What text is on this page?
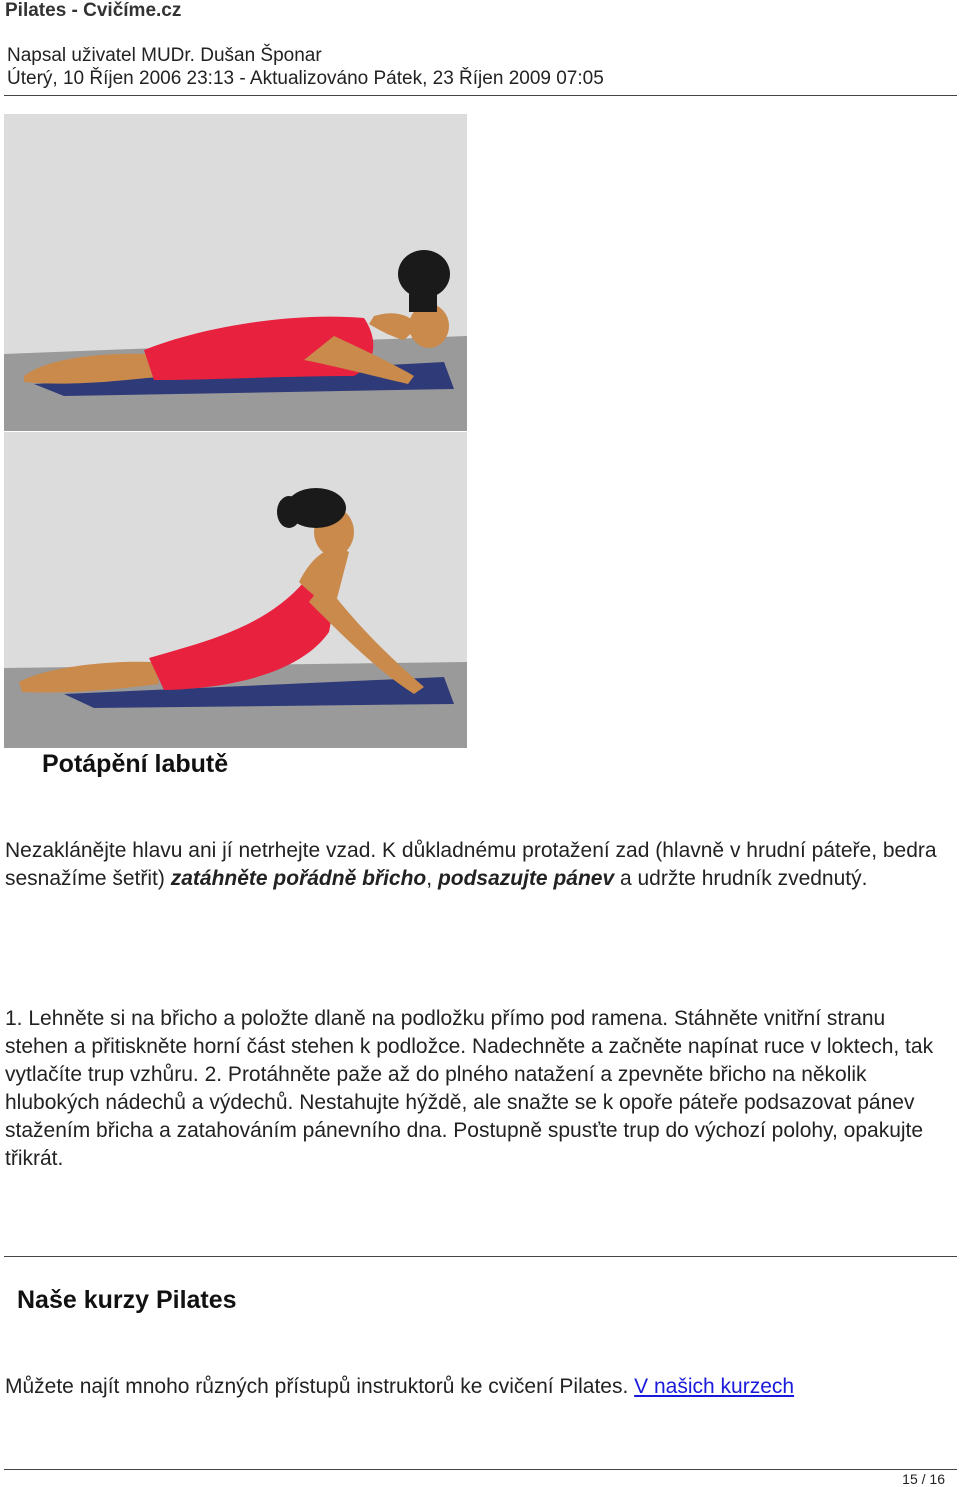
Pilates - Cvičíme.cz
Napsal uživatel MUDr. Dušan Šponar
Úterý, 10 Říjen 2006 23:13 - Aktualizováno Pátek, 23 Říjen 2009 07:05
Potápění labutě
Nezaklánějte hlavu ani jí netrhejte vzad. K důkladnému protažení zad (hlavně v hrudní páteře, bedra sesnažíme šetřit) zatáhněte pořádně břicho, podsazujte pánev a udržte hrudník zvednutý.
1. Lehněte si na břicho a položte dlaně na podložku přímo pod ramena. Stáhněte vnitřní stranu stehen a přitiskněte horní část stehen k podložce. Nadechněte a začněte napínat ruce v loktech, tak vytlačíte trup vzhůru. 2. Protáhněte paže až do plného natažení a zpevněte břicho na několik hlubokých nádechů a výdechů. Nestahujte hýždě, ale snažte se k opoře páteře podsazovat pánev stažením břicha a zatahováním pánevního dna. Postupně spusťte trup do výchozí polohy, opakujte třikrát.
Naše kurzy Pilates
Můžete najít mnoho různých přístupů instruktorů ke cvičení Pilates. V našich kurzech
15 / 16
